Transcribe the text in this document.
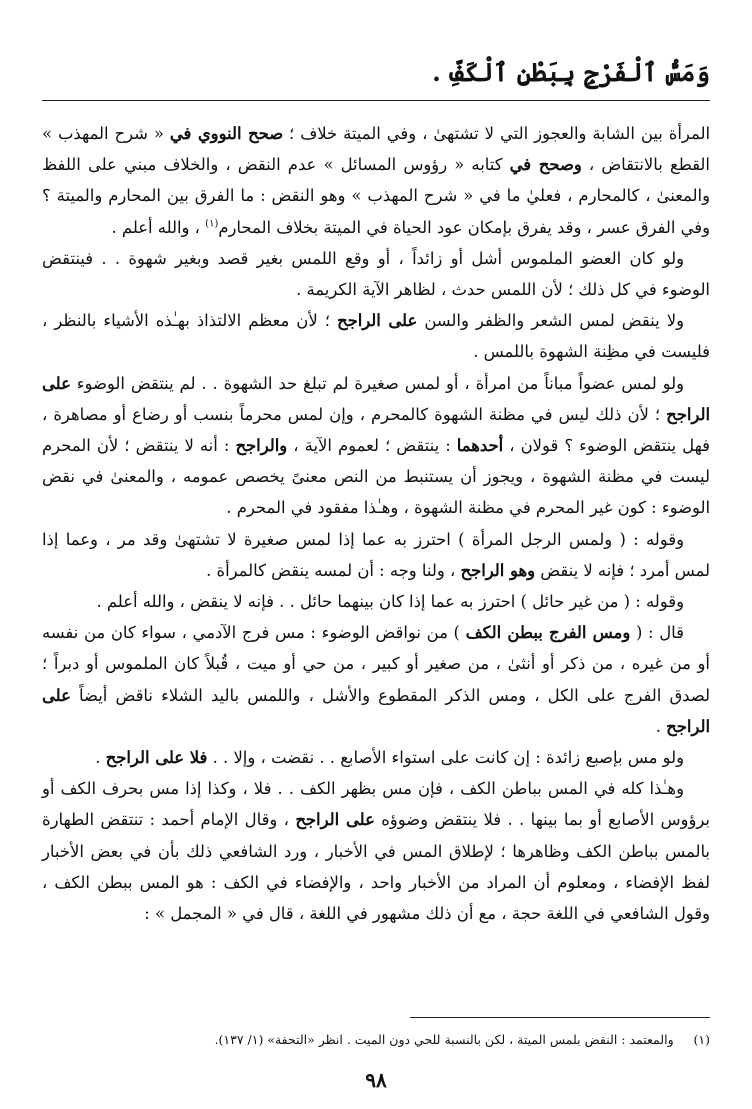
وَمَسُّ ٱلْفَرْجِ بِبَطْنِ ٱلْكَفِّ .

المرأة بين الشابة والعجوز التي لا تشتهىٰ ، وفي الميتة خلاف ؛ صحح النووي في « شرح المهذب » القطع بالانتقاض ، وصحح في كتابه « رؤوس المسائل » عدم النقض ، والخلاف مبني على اللفظ والمعنىٰ ، كالمحارم ، فعليٰ ما في « شرح المهذب » وهو النقض : ما الفرق بين المحارم والميتة ؟ وفي الفرق عسر ، وقد يفرق بإمكان عود الحياة في الميتة بخلاف المحارم$^{(١)}$ ، والله أعلم .

ولو كان العضو الملموس أشل أو زائداً ، أو وقع اللمس بغير قصد وبغير شهوة . . فينتقض الوضوء في كل ذلك ؛ لأن اللمس حدث ، لظاهر الآية الكريمة .

ولا ينقض لمس الشعر والظفر والسن على الراجح ؛ لأن معظم الالتذاذ بهـٰذه الأشياء بالنظر ، فليست في مظِنة الشهوة باللمس .

ولو لمس عضواً مباناً من امرأة ، أو لمس صغيرة لم تبلغ حد الشهوة . . لم ينتقض الوضوء على الراجح ؛ لأن ذلك ليس في مظنة الشهوة كالمحرم ، وإن لمس محرماً بنسب أو رضاع أو مصاهرة ، فهل ينتقض الوضوء ؟ قولان ، أحدهما : ينتقض ؛ لعموم الآية ، والراجح : أنه لا ينتقض ؛ لأن المحرم ليست في مظنة الشهوة ، ويجوز أن يستنبط من النص معنىً يخصص عمومه ، والمعنىٰ في نقض الوضوء : كون غير المحرم في مظنة الشهوة ، وهـٰذا مفقود في المحرم .

وقوله : ( ولمس الرجل المرأة ) احترز به عما إذا لمس صغيرة لا تشتهىٰ وقد مر ، وعما إذا لمس أمرد ؛ فإنه لا ينقض وهو الراجح ، ولنا وجه : أن لمسه ينقض كالمرأة .

وقوله : ( من غير حائل ) احترز به عما إذا كان بينهما حائل . . فإنه لا ينقض ، والله أعلم .

قال : ( ومس الفرج ببطن الكف ) من نواقض الوضوء : مس فرج الآدمي ، سواء كان من نفسه أو من غيره ، من ذكر أو أنثىٰ ، من صغير أو كبير ، من حي أو ميت ، قُبلاً كان الملموس أو دبراً ؛ لصدق الفرج على الكل ، ومس الذكر المقطوع والأشل ، واللمس باليد الشلاء ناقض أيضاً على الراجح .

ولو مس بإصبع زائدة : إن كانت على استواء الأصابع . . نقضت ، وإلا . . فلا على الراجح .

وهـٰذا كله في المس بباطن الكف ، فإن مس بظهر الكف . . فلا ، وكذا إذا مس بحرف الكف أو برؤوس الأصابع أو بما بينها . . فلا ينتقض وضوؤه على الراجح ، وقال الإمام أحمد : تنتقض الطهارة بالمس بباطن الكف وظاهرها ؛ لإطلاق المس في الأخبار ، ورد الشافعي ذلك بأن في بعض الأخبار لفظ الإفضاء ، ومعلوم أن المراد من الأخبار واحد ، والإفضاء في الكف : هو المس ببطن الكف ، وقول الشافعي في اللغة حجة ، مع أن ذلك مشهور في اللغة ، قال في « المجمل » :

(١)     والمعتمد : النقض بلمس الميتة ، لكن بالنسبة للحي دون الميت . انظر «التحفة» (١/ ١٣٧).
٩٨
